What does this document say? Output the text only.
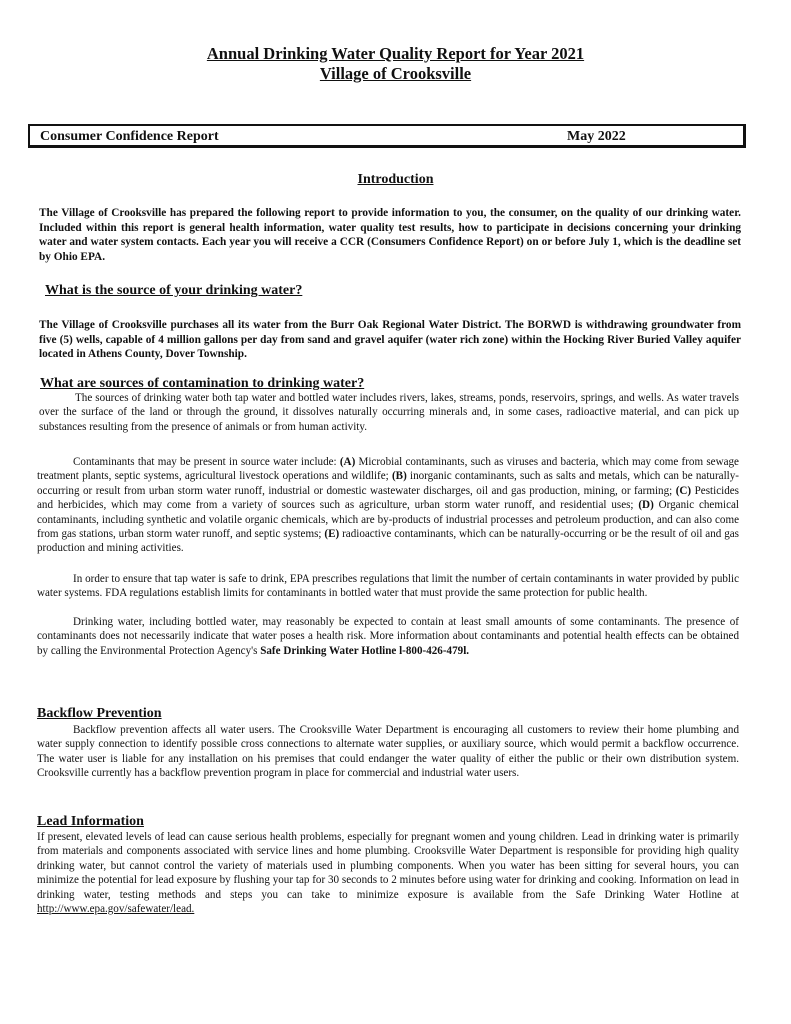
Annual Drinking Water Quality Report for Year 2021
Village of Crooksville
Consumer Confidence Report	May 2022
Introduction

The Village of Crooksville has prepared the following report to provide information to you, the consumer, on the quality of our drinking water. Included within this report is general health information, water quality test results, how to participate in decisions concerning your drinking water and water system contacts. Each year you will receive a CCR (Consumers Confidence Report) on or before July 1, which is the deadline set by Ohio EPA.

What is the source of your drinking water?

The Village of Crooksville purchases all its water from the Burr Oak Regional Water District. The BORWD is withdrawing groundwater from five (5) wells, capable of 4 million gallons per day from sand and gravel aquifer (water rich zone) within the Hocking River Buried Valley aquifer located in Athens County, Dover Township.

What are sources of contamination to drinking water?

The sources of drinking water both tap water and bottled water includes rivers, lakes, streams, ponds, reservoirs, springs, and wells. As water travels over the surface of the land or through the ground, it dissolves naturally occurring minerals and, in some cases, radioactive material, and can pick up substances resulting from the presence of animals or from human activity.

Contaminants that may be present in source water include: (A) Microbial contaminants, such as viruses and bacteria, which may come from sewage treatment plants, septic systems, agricultural livestock operations and wildlife; (B) inorganic contaminants, such as salts and metals, which can be naturally-occurring or result from urban storm water runoff, industrial or domestic wastewater discharges, oil and gas production, mining, or farming; (C) Pesticides and herbicides, which may come from a variety of sources such as agriculture, urban storm water runoff, and residential uses; (D) Organic chemical contaminants, including synthetic and volatile organic chemicals, which are by-products of industrial processes and petroleum production, and can also come from gas stations, urban storm water runoff, and septic systems; (E) radioactive contaminants, which can be naturally-occurring or be the result of oil and gas production and mining activities.

In order to ensure that tap water is safe to drink, EPA prescribes regulations that limit the number of certain contaminants in water provided by public water systems. FDA regulations establish limits for contaminants in bottled water that must provide the same protection for public health.

Drinking water, including bottled water, may reasonably be expected to contain at least small amounts of some contaminants. The presence of contaminants does not necessarily indicate that water poses a health risk. More information about contaminants and potential health effects can be obtained by calling the Environmental Protection Agency's Safe Drinking Water Hotline l-800-426-479l.

Backflow Prevention

Backflow prevention affects all water users. The Crooksville Water Department is encouraging all customers to review their home plumbing and water supply connection to identify possible cross connections to alternate water supplies, or auxiliary source, which would permit a backflow occurrence. The water user is liable for any installation on his premises that could endanger the water quality of either the public or their own distribution system. Crooksville currently has a backflow prevention program in place for commercial and industrial water users.

Lead Information

If present, elevated levels of lead can cause serious health problems, especially for pregnant women and young children. Lead in drinking water is primarily from materials and components associated with service lines and home plumbing. Crooksville Water Department is responsible for providing high quality drinking water, but cannot control the variety of materials used in plumbing components. When you water has been sitting for several hours, you can minimize the potential for lead exposure by flushing your tap for 30 seconds to 2 minutes before using water for drinking and cooking. Information on lead in drinking water, testing methods and steps you can take to minimize exposure is available from the Safe Drinking Water Hotline at http://www.epa.gov/safewater/lead.
